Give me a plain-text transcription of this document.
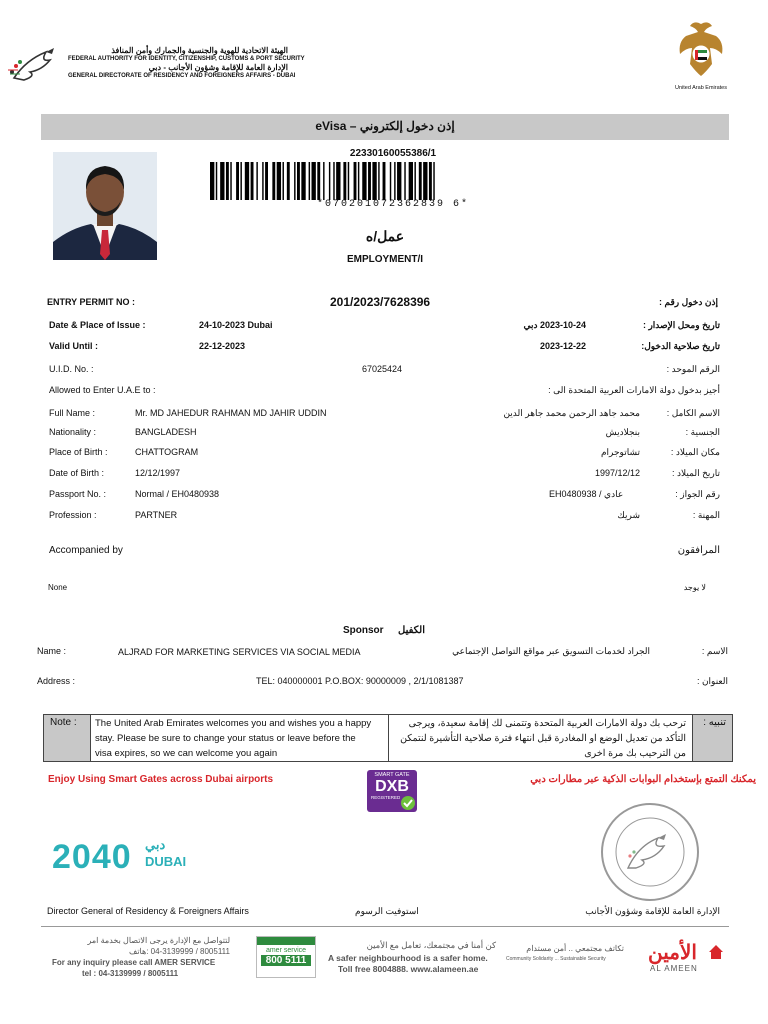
الهيئة الاتحادية للهوية والجنسية والجمارك وأمن المنافذ
FEDERAL AUTHORITY FOR IDENTITY, CITIZENSHIP, CUSTOMS & PORT SECURITY
الإدارة العامة للإقامة وشؤون الأجانب - دبي
GENERAL DIRECTORATE OF RESIDENCY AND FOREIGNERS AFFAIRS - DUBAI
United Arab Emirates
eVisa – إذن دخول إلكتروني
22330160055386/1
*070201072362839 6*
عمل/ه
EMPLOYMENT/I
ENTRY PERMIT NO :	201/2023/7628396	إذن دخول رقم :
Date & Place of Issue :	24-10-2023 Dubai	2023-10-24 دبي	تاريخ ومحل الإصدار :
Valid Until :	22-12-2023	2023-12-22	تاريخ صلاحية الدخول:
U.I.D. No. :	67025424	الرقم الموحد :
Allowed to Enter U.A.E to :	أجيز بدخول دولة الامارات العربية المتحدة الى :
Full Name :	Mr. MD JAHEDUR RAHMAN MD JAHIR UDDIN	محمد جاهد الرحمن محمد جاهر الدين	الاسم الكامل :
Nationality :	BANGLADESH	بنجلاديش	الجنسية :
Place of Birth :	CHATTOGRAM	تشاتوجرام	مكان الميلاد :
Date of Birth :	12/12/1997	1997/12/12	تاريخ الميلاد :
Passport No. :	Normal / EH0480938	EH0480938 / عادي	رقم الجواز :
Profession :	PARTNER	شريك	المهنة :
Accompanied by	المرافقون
None	لا يوجد
Sponsor الكفيل
Name :	ALJRAD FOR MARKETING SERVICES VIA SOCIAL MEDIA	الجراد لخدمات التسويق عبر مواقع التواصل الإجتماعي	الاسم :
Address :	TEL: 040000001 P.O.BOX: 90000009 , 2/1/1081387	العنوان :
Note :	The United Arab Emirates welcomes you and wishes you a happy stay. Please be sure to change your status or leave before the visa expires, so we can welcome you again
ترحب بك دولة الامارات العربية المتحدة وتتمنى لك إقامة سعيدة، ويرجى التأكد من تعديل الوضع او المغادرة قبل انتهاء فترة صلاحية التأشيرة لنتمكن من الترحيب بك مرة اخرى
تنبيه :
Enjoy Using Smart Gates across Dubai airports	يمكنك التمتع بإستخدام البوابات الذكية عبر مطارات دبي
SMART GATE
DXB
REGISTERED
2040 دبي
DUBAI
Director General of Residency & Foreigners Affairs	استوفيت الرسوم	الإدارة العامة للإقامة وشؤون الأجانب
لتتواصل مع الإدارة يرجى الاتصال بخدمة امر
8005111 / 04-3139999 :هاتف
For any inquiry please call AMER SERVICE
tel : 04-3139999 / 8005111
amer service
800 5111
كن أمنا في مجتمعك، تعامل مع الأمين
A safer neighbourhood is a safer home.
Toll free 8004888. www.alameen.ae
تكاتف مجتمعي .. أمن مستدام
Community Solidarity ... Sustainable Security الأمين
AL AMEEN
